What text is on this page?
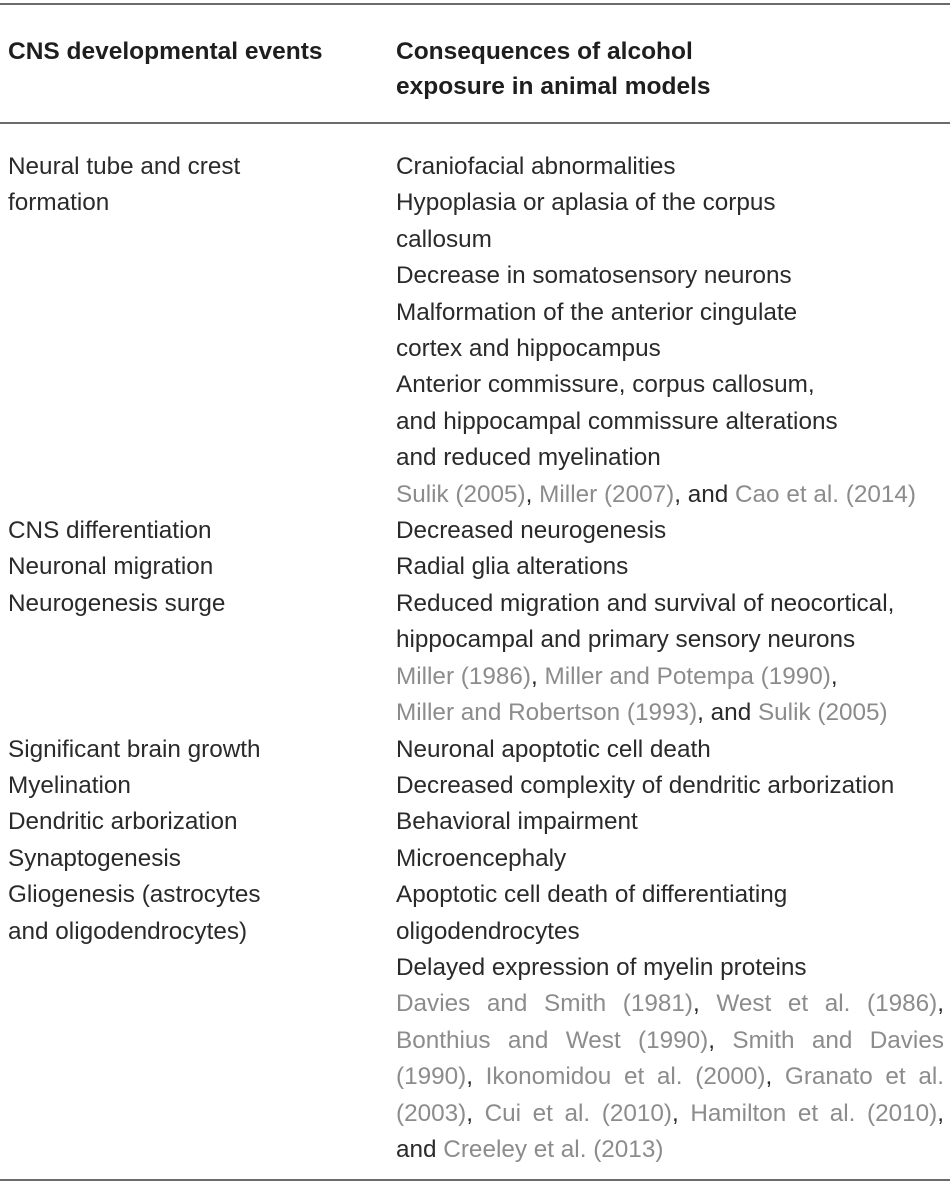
CNS developmental events	Consequences of alcohol
exposure in animal models
Neural tube and crest
formation
Craniofacial abnormalities
Hypoplasia or aplasia of the corpus
callosum
Decrease in somatosensory neurons
Malformation of the anterior cingulate
cortex and hippocampus
Anterior commissure, corpus callosum,
and hippocampal commissure alterations
and reduced myelination
Sulik (2005), Miller (2007), and Cao et al. (2014)
CNS differentiation
Neuronal migration
Neurogenesis surge
Decreased neurogenesis
Radial glia alterations
Reduced migration and survival of neocortical,
hippocampal and primary sensory neurons
Miller (1986), Miller and Potempa (1990),
Miller and Robertson (1993), and Sulik (2005)
Significant brain growth
Myelination
Dendritic arborization
Synaptogenesis
Gliogenesis (astrocytes
and oligodendrocytes)
Neuronal apoptotic cell death
Decreased complexity of dendritic arborization
Behavioral impairment
Microencephaly
Apoptotic cell death of differentiating
oligodendrocytes
Delayed expression of myelin proteins
Davies and Smith (1981), West et al. (1986), Bonthius and West (1990), Smith and Davies (1990), Ikonomidou et al. (2000), Granato et al. (2003), Cui et al. (2010), Hamilton et al. (2010), and Creeley et al. (2013)
